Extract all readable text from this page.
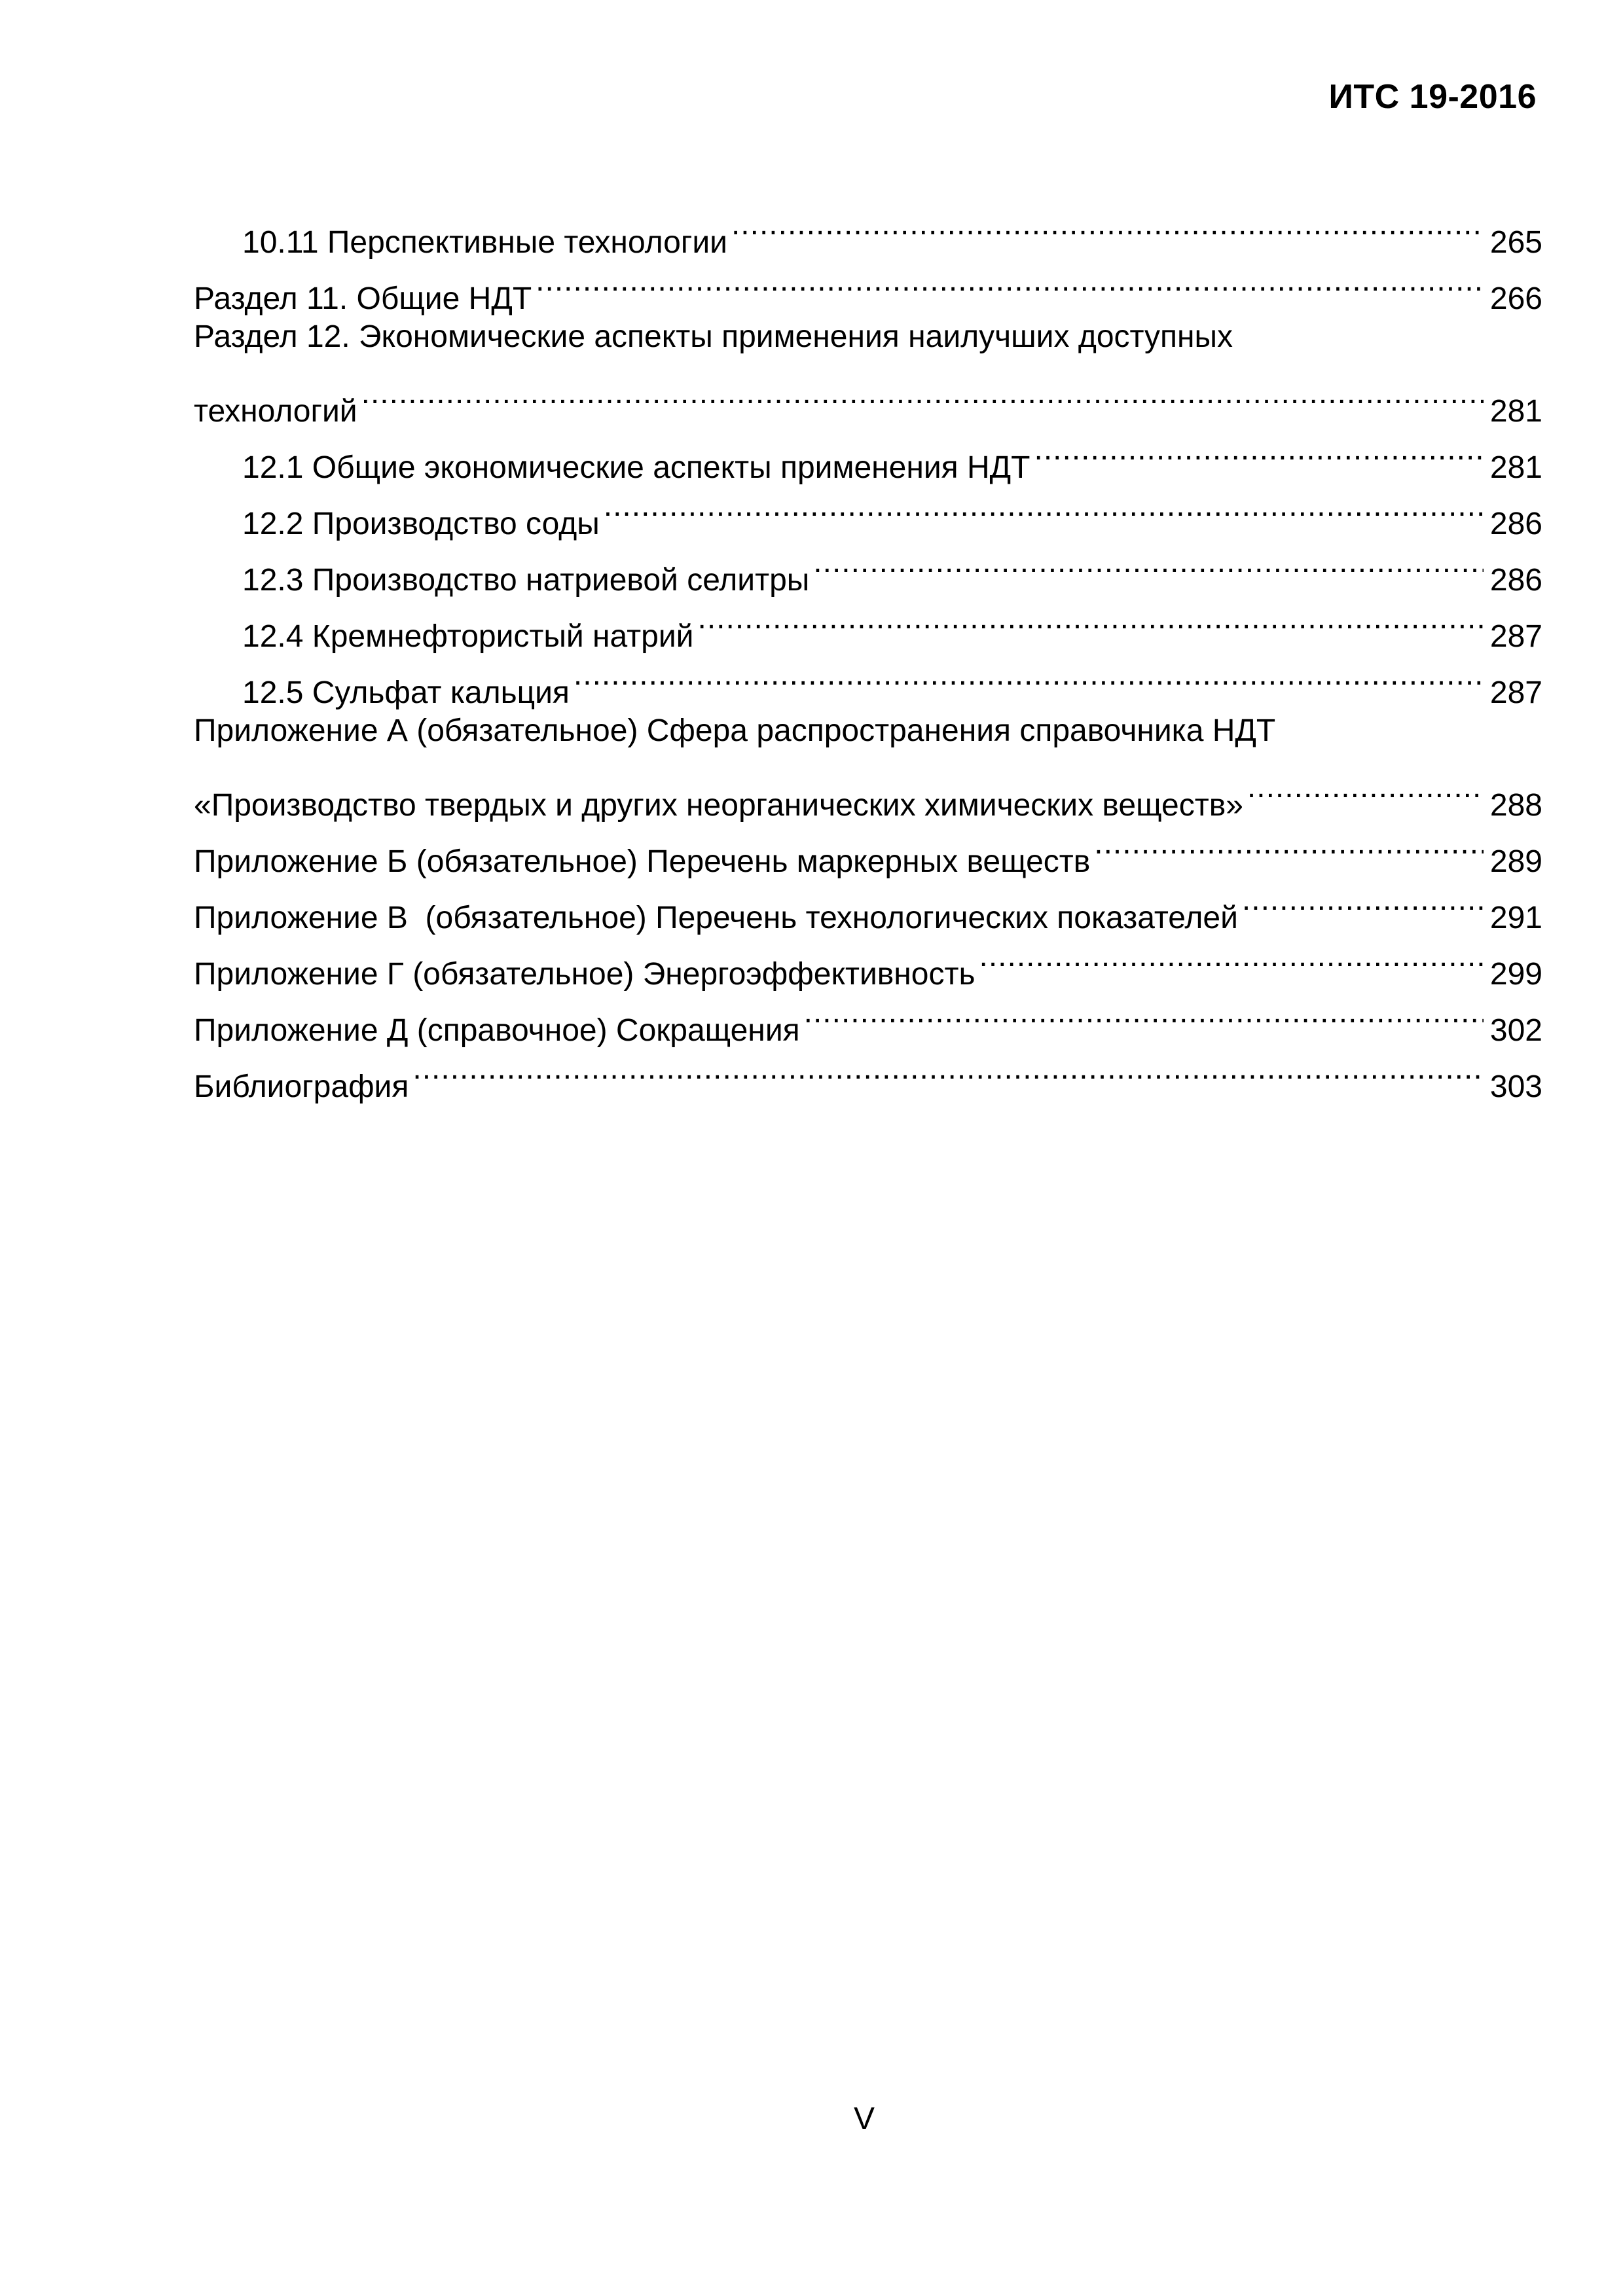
ИТС 19-2016
10.11 Перспективные технологии .....	265
Раздел 11. Общие НДТ .....	266
Раздел 12. Экономические аспекты применения наилучших доступных
технологий .....	281
12.1 Общие экономические аспекты применения НДТ .....	281
12.2 Производство соды .....	286
12.3 Производство натриевой селитры .....	286
12.4 Кремнефтористый натрий .....	287
12.5 Сульфат кальция .....	287
Приложение А (обязательное) Сфера распространения справочника НДТ
«Производство твердых и других неорганических химических веществ» .....	288
Приложение Б (обязательное) Перечень маркерных веществ .....	289
Приложение В  (обязательное) Перечень технологических показателей .....	291
Приложение Г (обязательное) Энергоэффективность .....	299
Приложение Д (справочное) Сокращения .....	302
Библиография .....	303
V
